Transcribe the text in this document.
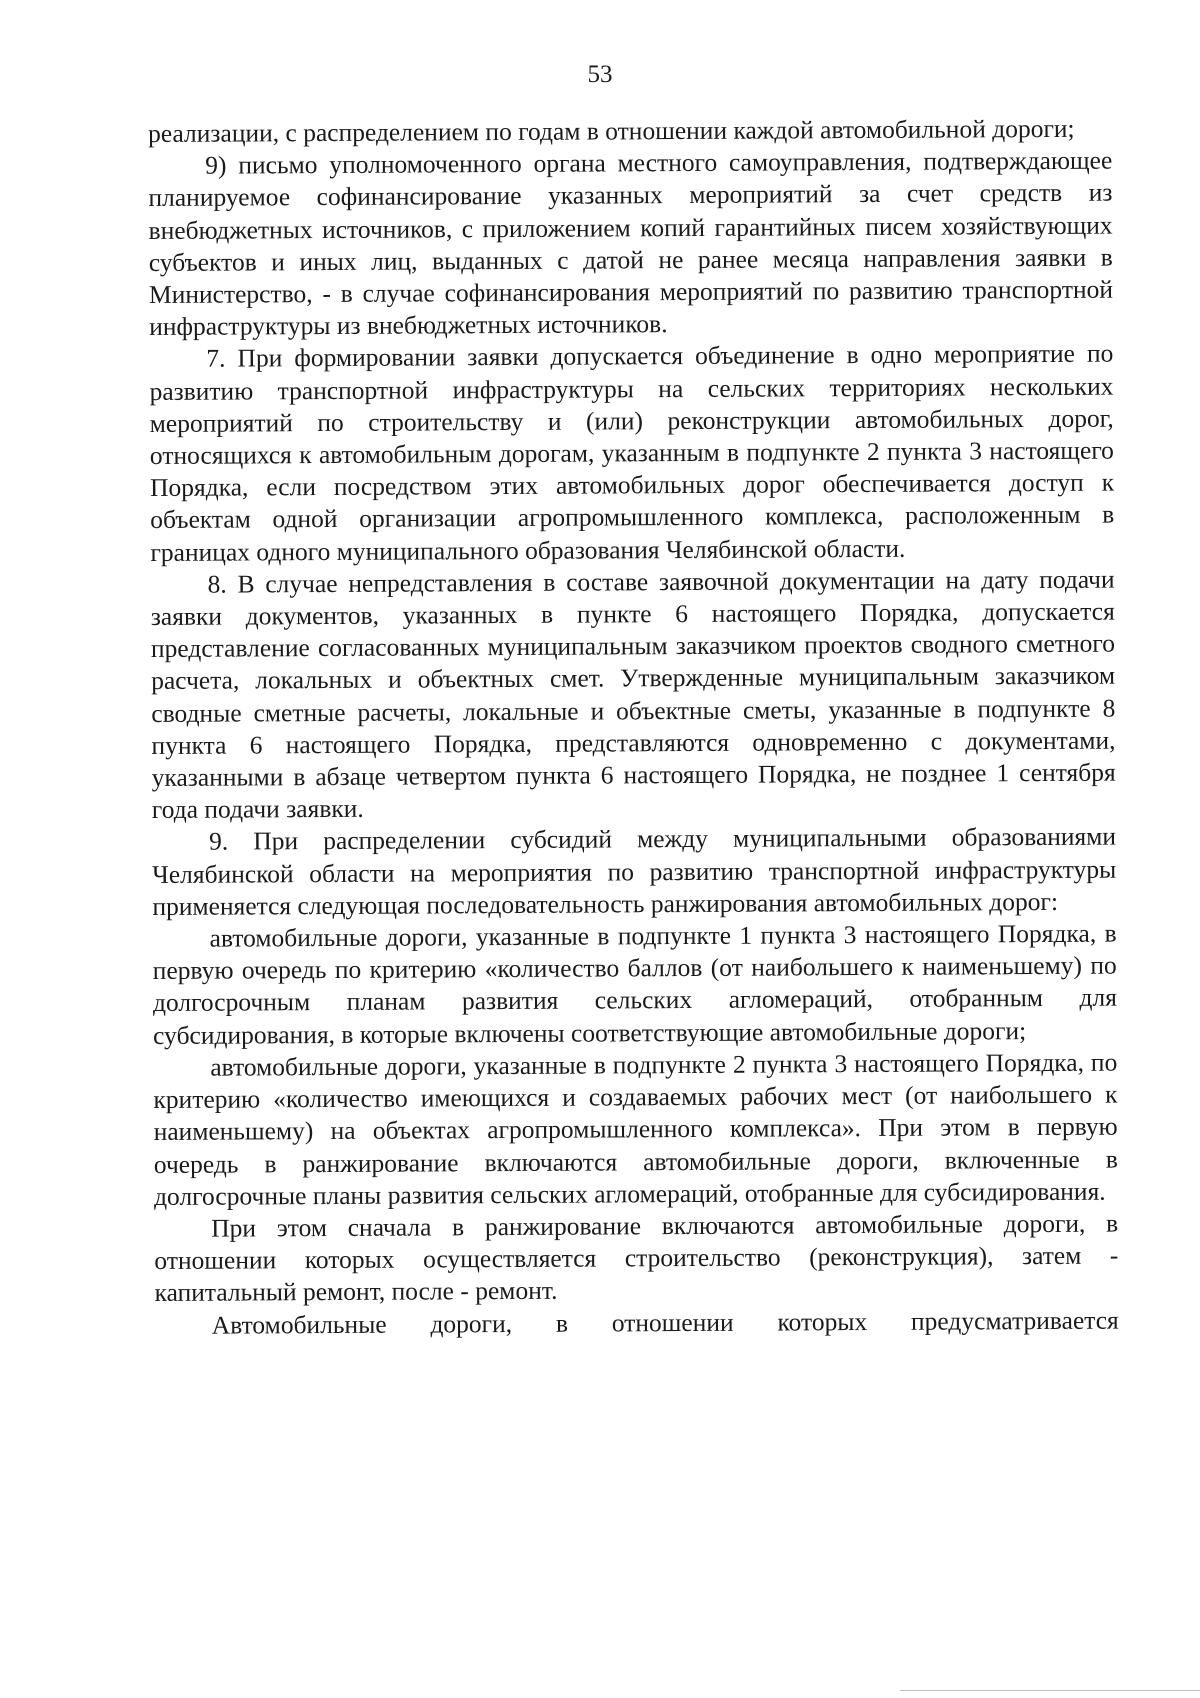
53

реализации, с распределением по годам в отношении каждой автомобильной дороги;

9) письмо уполномоченного органа местного самоуправления, подтверждающее планируемое софинансирование указанных мероприятий за счет средств из внебюджетных источников, с приложением копий гарантийных писем хозяйствующих субъектов и иных лиц, выданных с датой не ранее месяца направления заявки в Министерство, - в случае софинансирования мероприятий по развитию транспортной инфраструктуры из внебюджетных источников.

7. При формировании заявки допускается объединение в одно мероприятие по развитию транспортной инфраструктуры на сельских территориях нескольких мероприятий по строительству и (или) реконструкции автомобильных дорог, относящихся к автомобильным дорогам, указанным в подпункте 2 пункта 3 настоящего Порядка, если посредством этих автомобильных дорог обеспечивается доступ к объектам одной организации агропромышленного комплекса, расположенным в границах одного муниципального образования Челябинской области.

8. В случае непредставления в составе заявочной документации на дату подачи заявки документов, указанных в пункте 6 настоящего Порядка, допускается представление согласованных муниципальным заказчиком проектов сводного сметного расчета, локальных и объектных смет. Утвержденные муниципальным заказчиком сводные сметные расчеты, локальные и объектные сметы, указанные в подпункте 8 пункта 6 настоящего Порядка, представляются одновременно с документами, указанными в абзаце четвертом пункта 6 настоящего Порядка, не позднее 1 сентября года подачи заявки.

9. При распределении субсидий между муниципальными образованиями Челябинской области на мероприятия по развитию транспортной инфраструктуры применяется следующая последовательность ранжирования автомобильных дорог:

автомобильные дороги, указанные в подпункте 1 пункта 3 настоящего Порядка, в первую очередь по критерию «количество баллов (от наибольшего к наименьшему) по долгосрочным планам развития сельских агломераций, отобранным для субсидирования, в которые включены соответствующие автомобильные дороги;

автомобильные дороги, указанные в подпункте 2 пункта 3 настоящего Порядка, по критерию «количество имеющихся и создаваемых рабочих мест (от наибольшего к наименьшему) на объектах агропромышленного комплекса». При этом в первую очередь в ранжирование включаются автомобильные дороги, включенные в долгосрочные планы развития сельских агломераций, отобранные для субсидирования.

При этом сначала в ранжирование включаются автомобильные дороги, в отношении которых осуществляется строительство (реконструкция), затем - капитальный ремонт, после - ремонт.

Автомобильные дороги, в отношении которых предусматривается
